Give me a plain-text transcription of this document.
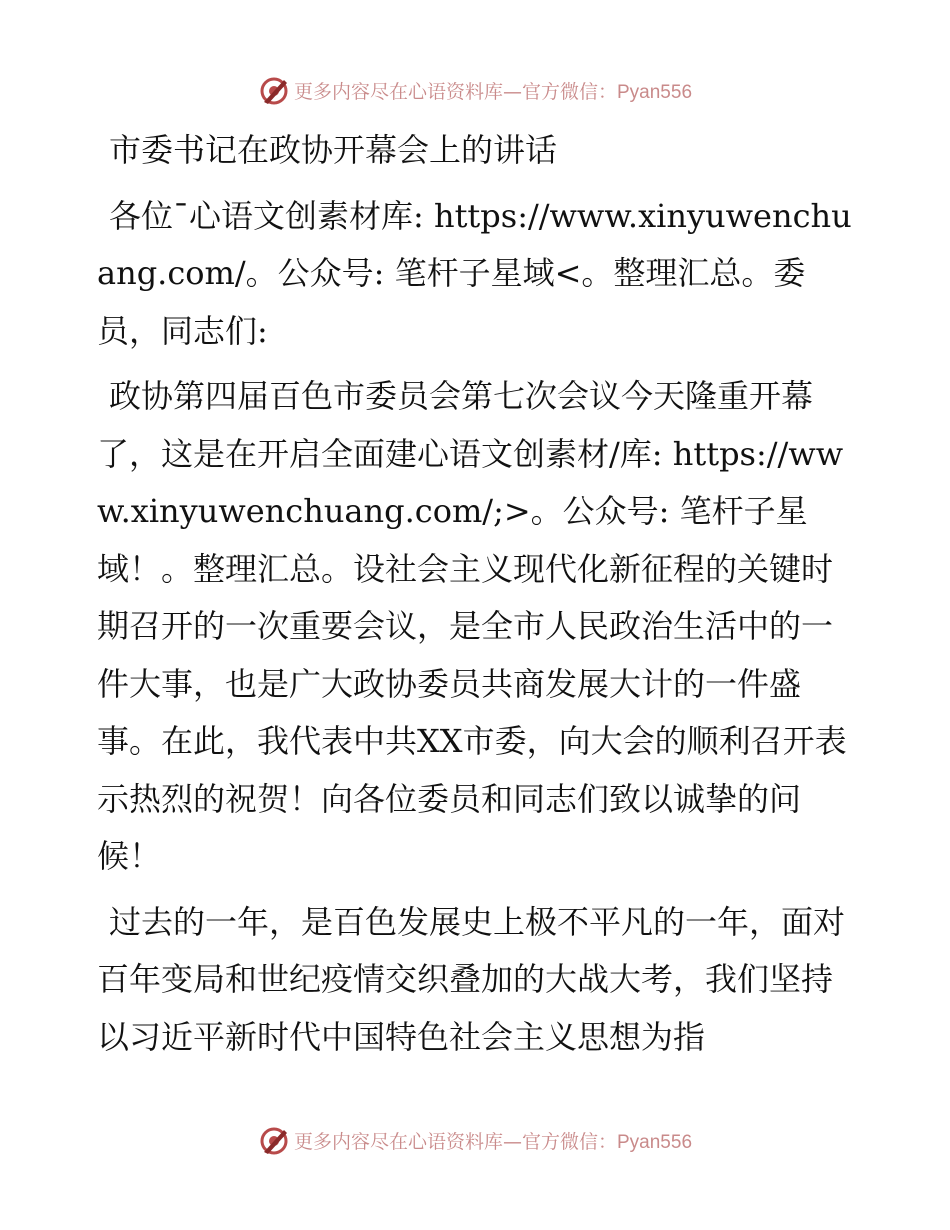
更多内容尽在心语资料库—官方微信：Pyan556

市委书记在政协开幕会上的讲话

各位¯心语文创素材库: https://www.xinyuwenchuang.com/。公众号: 笔杆子星域<。整理汇总。委员，同志们:

政协第四届百色市委员会第七次会议今天隆重开幕了，这是在开启全面建心语文创素材/库: https://www.xinyuwenchuang.com/;>。公众号: 笔杆子星域！。整理汇总。设社会主义现代化新征程的关键时期召开的一次重要会议，是全市人民政治生活中的一件大事，也是广大政协委员共商发展大计的一件盛事。在此，我代表中共XX市委，向大会的顺利召开表示热烈的祝贺！向各位委员和同志们致以诚挚的问候！

过去的一年，是百色发展史上极不平凡的一年，面对百年变局和世纪疫情交织叠加的大战大考，我们坚持以习近平新时代中国特色社会主义思想为指

更多内容尽在心语资料库—官方微信：Pyan556
